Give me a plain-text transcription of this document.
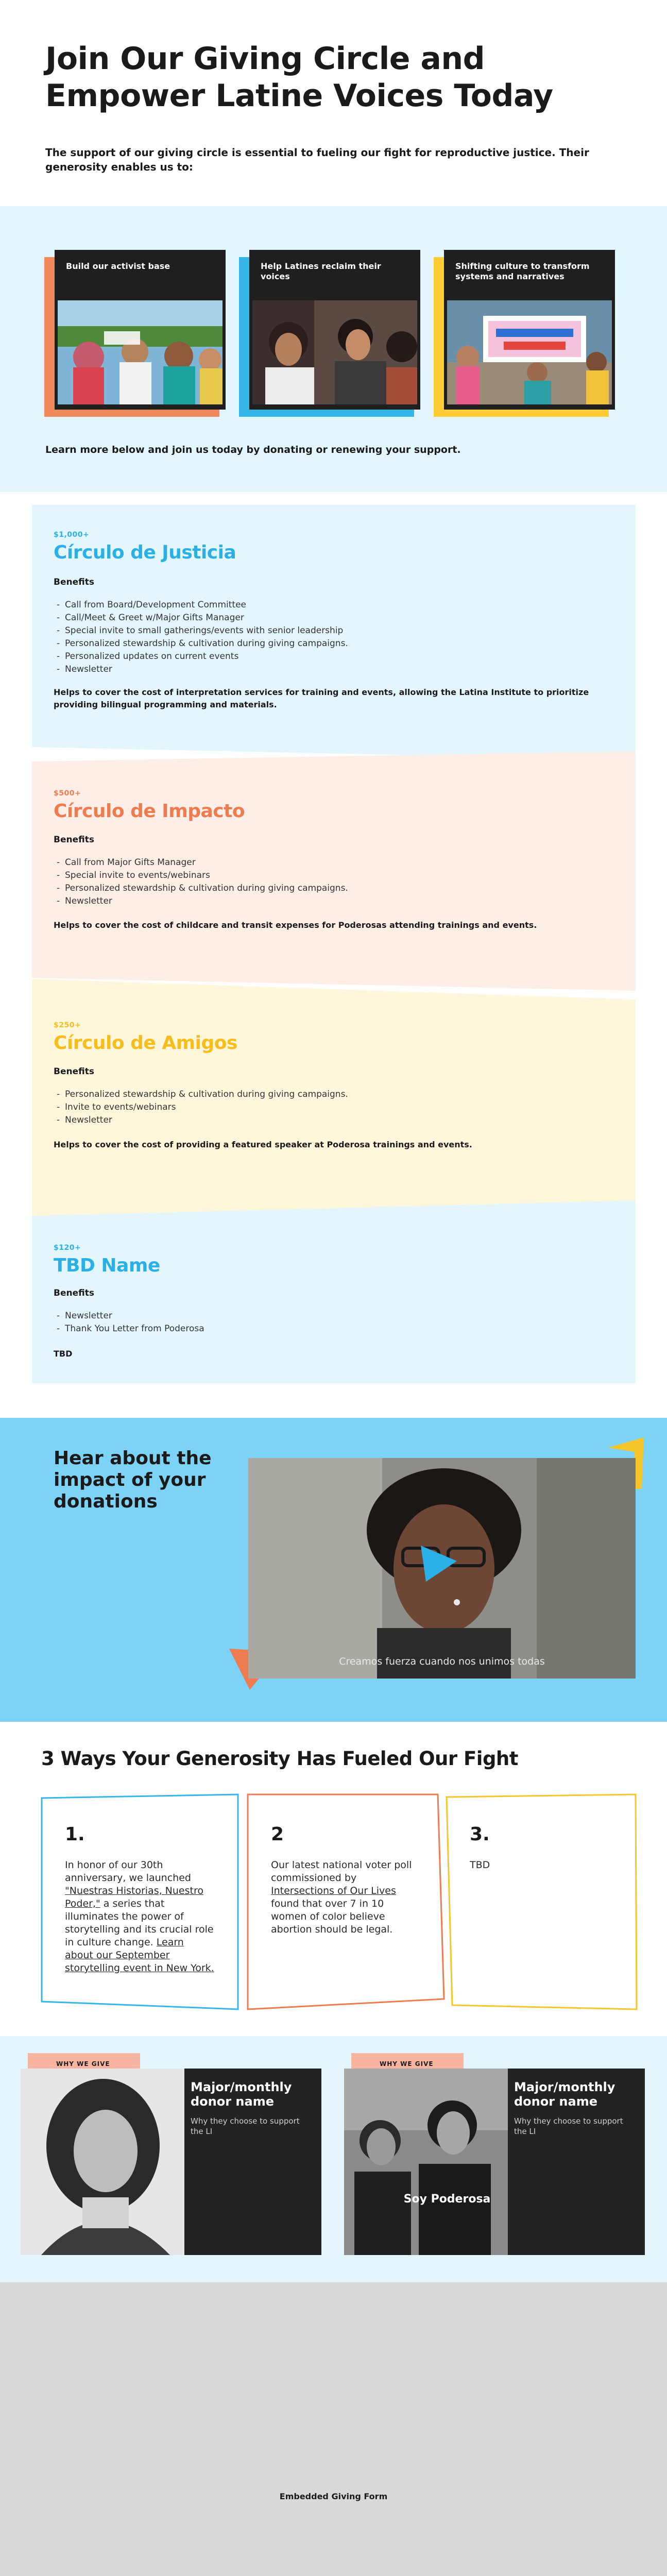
Join Our Giving Circle and Empower Latine Voices Today

The support of our giving circle is essential to fueling our fight for reproductive justice. Their generosity enables us to:

Build our activist base	Help Latines reclaim their voices
Shifting culture to transform systems and narratives

Learn more below and join us today by donating or renewing your support.

$1,000+
Círculo de Justicia
Benefits
- Call from Board/Development Committee
- Call/Meet & Greet w/Major Gifts Manager
- Special invite to small gatherings/events with senior leadership
- Personalized stewardship & cultivation during giving campaigns.
- Personalized updates on current events
- Newsletter

Helps to cover the cost of interpretation services for training and events, allowing the Latina Institute to prioritize providing bilingual programming and materials.

$500+
Círculo de Impacto
Benefits
- Call from Major Gifts Manager
- Special invite to events/webinars
- Personalized stewardship & cultivation during giving campaigns.
- Newsletter

Helps to cover the cost of childcare and transit expenses for Poderosas attending trainings and events.

$250+
Círculo de Amigos
Benefits
- Personalized stewardship & cultivation during giving campaigns.
- Invite to events/webinars
- Newsletter

Helps to cover the cost of providing a featured speaker at Poderosa trainings and events.

$120+
TBD Name
Benefits
- Newsletter
- Thank You Letter from Poderosa

TBD

Hear about the impact of your donations
Creamos fuerza cuando nos unimos todas
3 Ways Your Generosity Has Fueled Our Fight
1.

In honor of our 30th anniversary, we launched "Nuestras Historias, Nuestro Poder," a series that illuminates the power of storytelling and its crucial role in culture change. Learn about our September storytelling event in New York.

2

Our latest national voter poll commissioned by Intersections of Our Lives found that over 7 in 10 women of color believe abortion should be legal.

3.

TBD

WHY WE GIVE
Major/monthly donor name
Why they choose to support the LI
WHY WE GIVE
Soy Poderosa
Major/monthly donor name
Why they choose to support the LI
Embedded Giving Form
